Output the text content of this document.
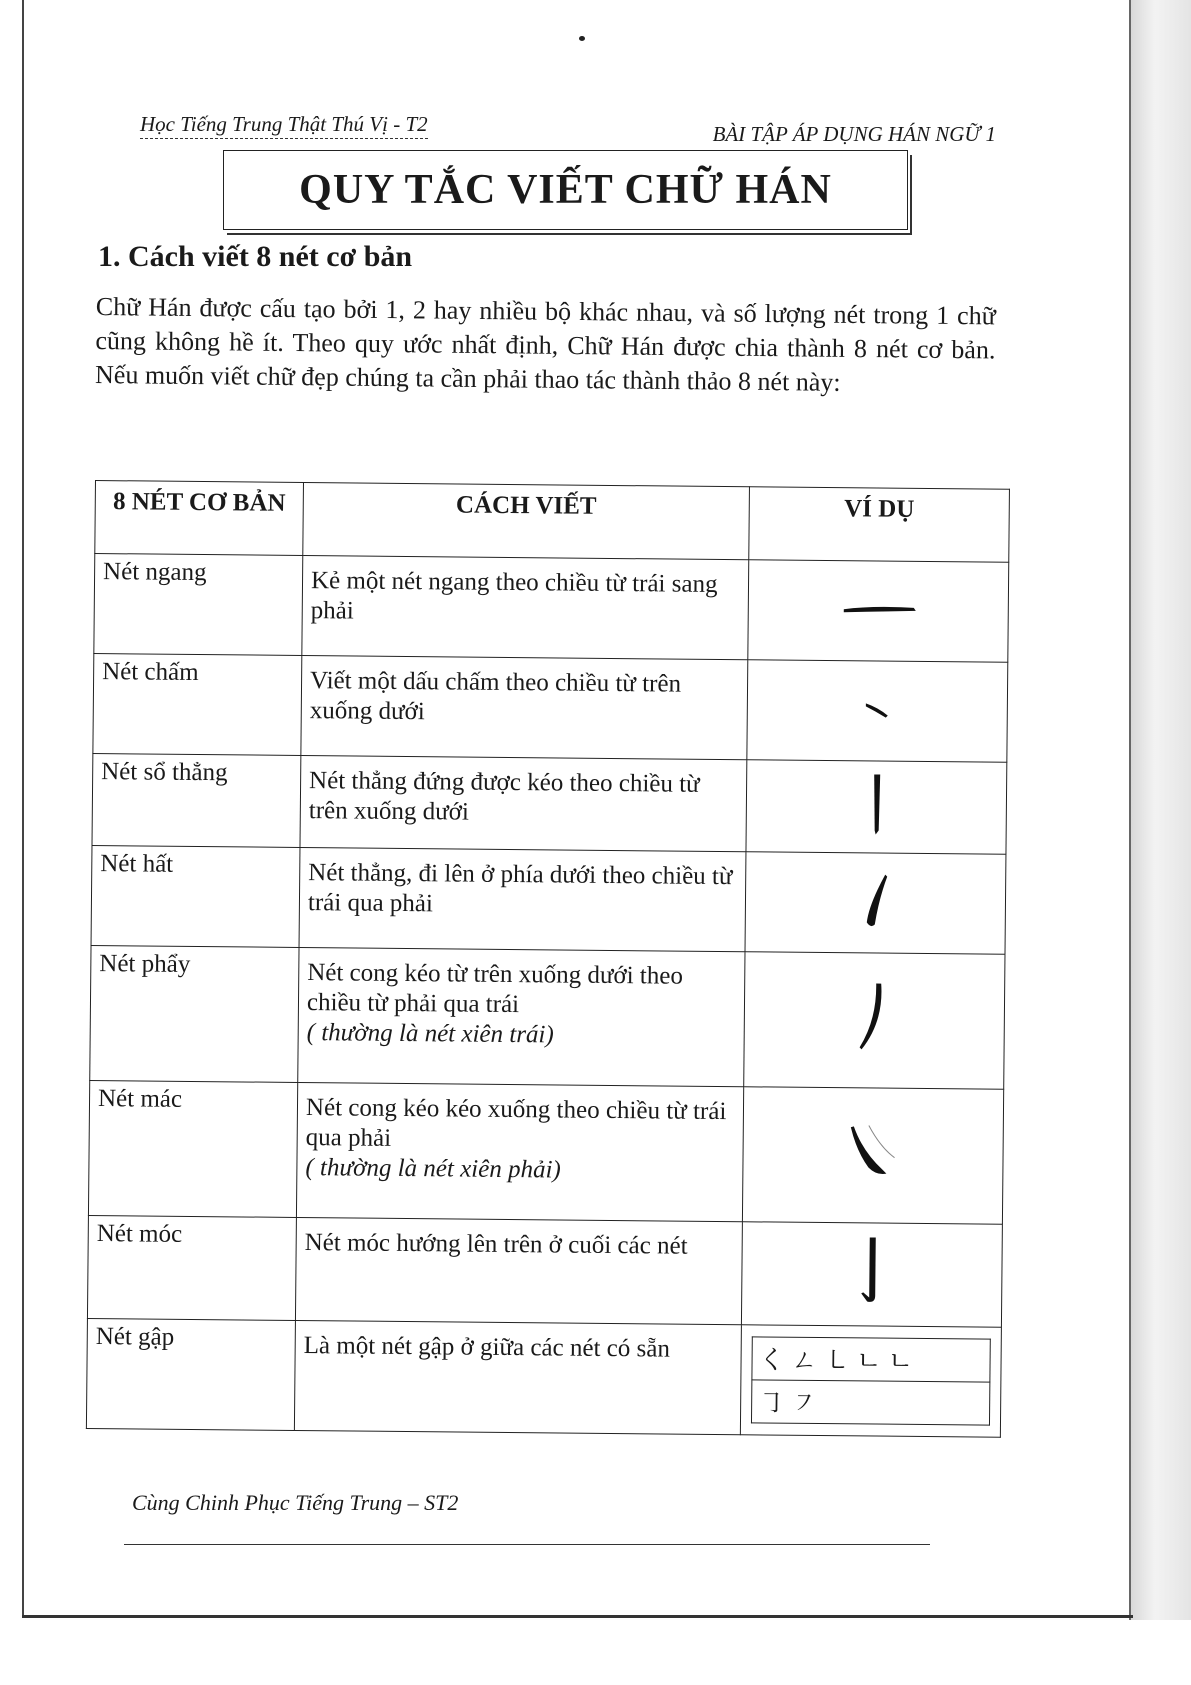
Học Tiếng Trung Thật Thú Vị - T2	BÀI TẬP ÁP DỤNG HÁN NGỮ 1
QUY TẮC VIẾT CHỮ HÁN
1. Cách viết 8 nét cơ bản
Chữ Hán được cấu tạo bởi 1, 2 hay nhiều bộ khác nhau, và số lượng nét trong 1 chữ cũng không hề ít. Theo quy ước nhất định, Chữ Hán được chia thành 8 nét cơ bản. Nếu muốn viết chữ đẹp chúng ta cần phải thao tác thành thảo 8 nét này:
8 NÉT CƠ BẢN	CÁCH VIẾT	VÍ DỤ
Nét ngang	Kẻ một nét ngang theo chiều từ trái sang phải	
Nét chấm	Viết một dấu chấm theo chiều từ trên xuống dưới	
Nét sổ thẳng	Nét thẳng đứng được kéo theo chiều từ trên xuống dưới	
Nét hất	Nét thẳng, đi lên ở phía dưới theo chiều từ trái qua phải	
Nét phẩy	Nét cong kéo từ trên xuống dưới theo chiều từ phải qua trái
( thường là nét xiên trái)

Nét mác	Nét cong kéo kéo xuống theo chiều từ trái qua phải
( thường là nét xiên phải)

Nét móc	Nét móc hướng lên trên ở cuối các nét	
Nét gập	Là một nét gập ở giữa các nét có sẵn		く ㄥ ㇄ ㄴ ㄴ
㇆ ㇇
Cùng Chinh Phục Tiếng Trung – ST2
